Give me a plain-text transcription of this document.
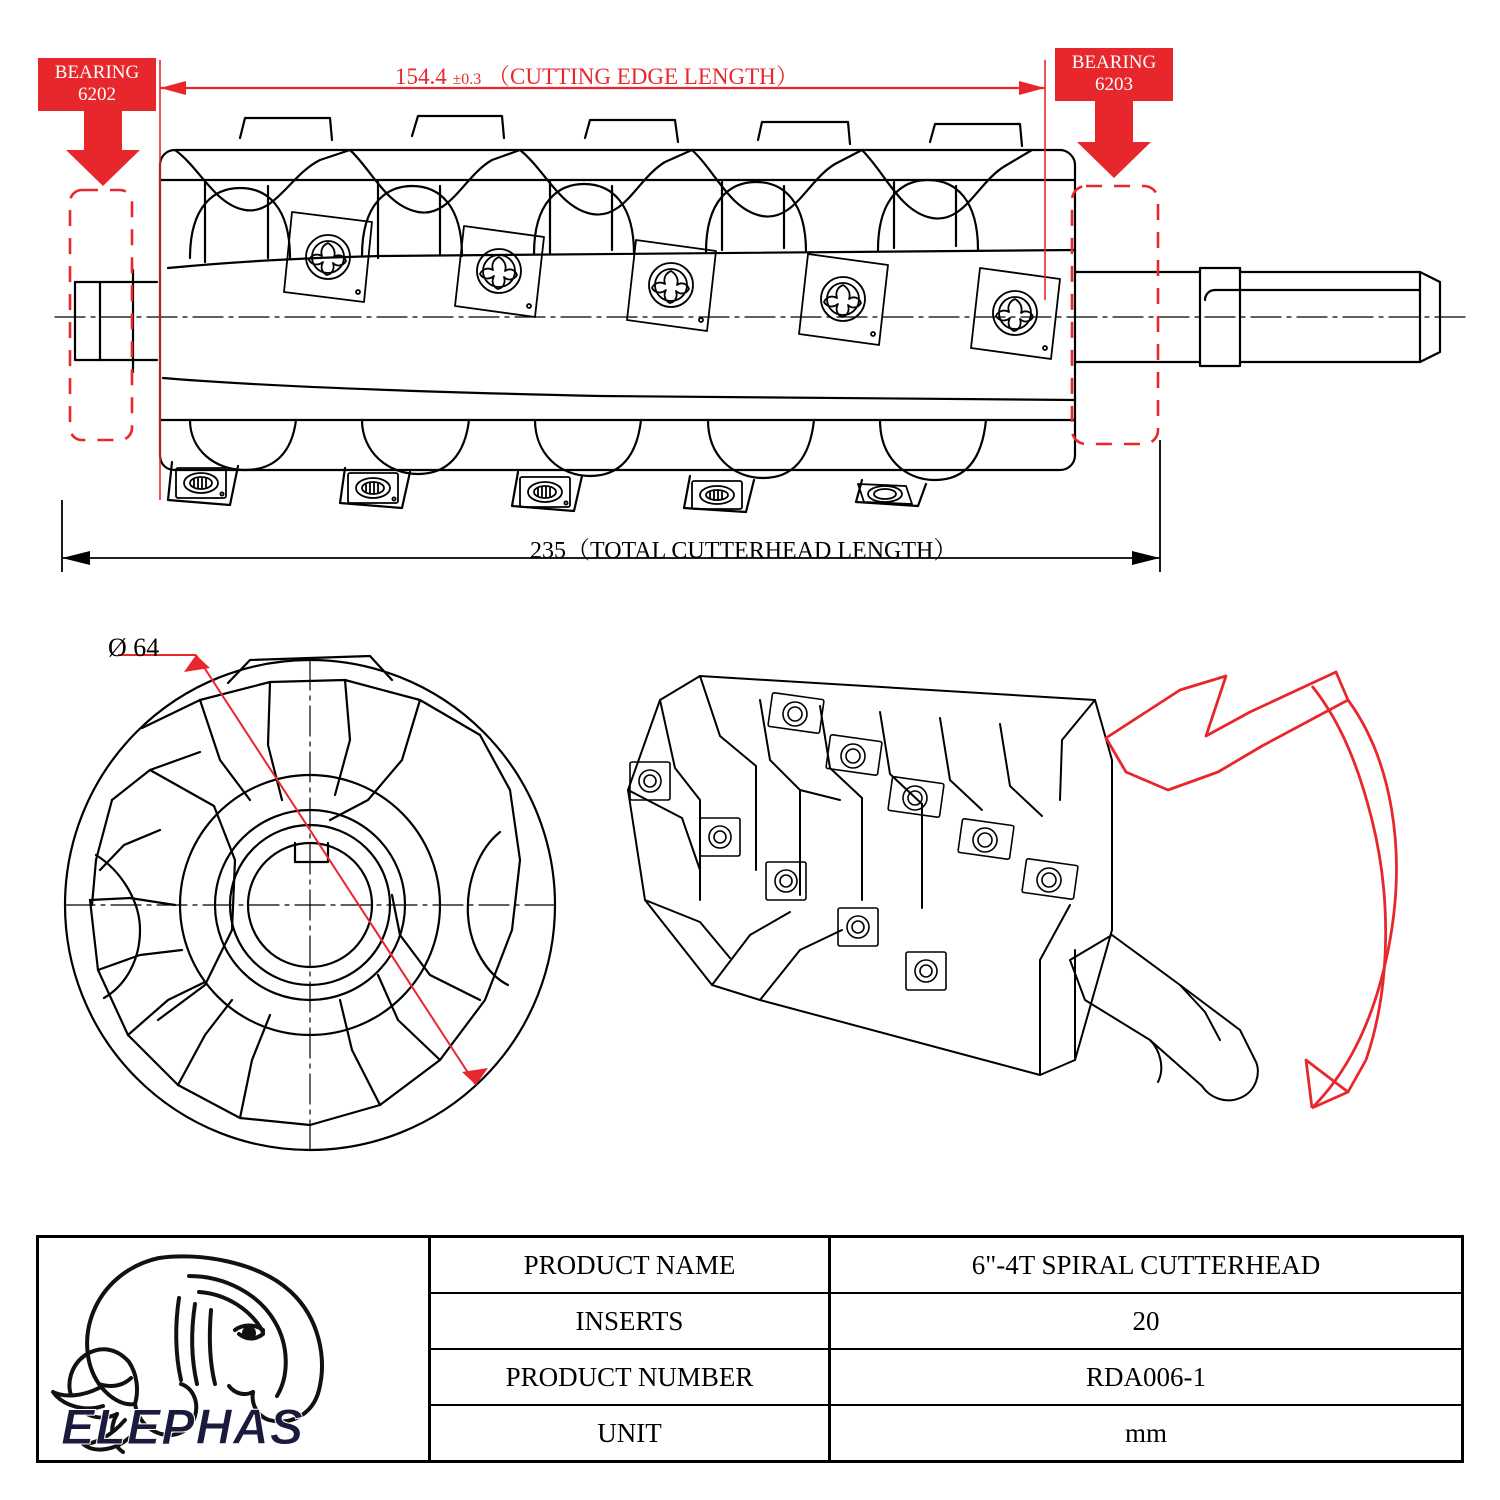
BEARING
6202
BEARING
6203
154.4 ±0.3 （CUTTING EDGE LENGTH）
235（TOTAL CUTTERHEAD LENGTH）
Ø 64
ELEPHAS
PRODUCT NAME	6"-4T SPIRAL CUTTERHEAD
INSERTS	20
PRODUCT NUMBER	RDA006-1
UNIT	mm
